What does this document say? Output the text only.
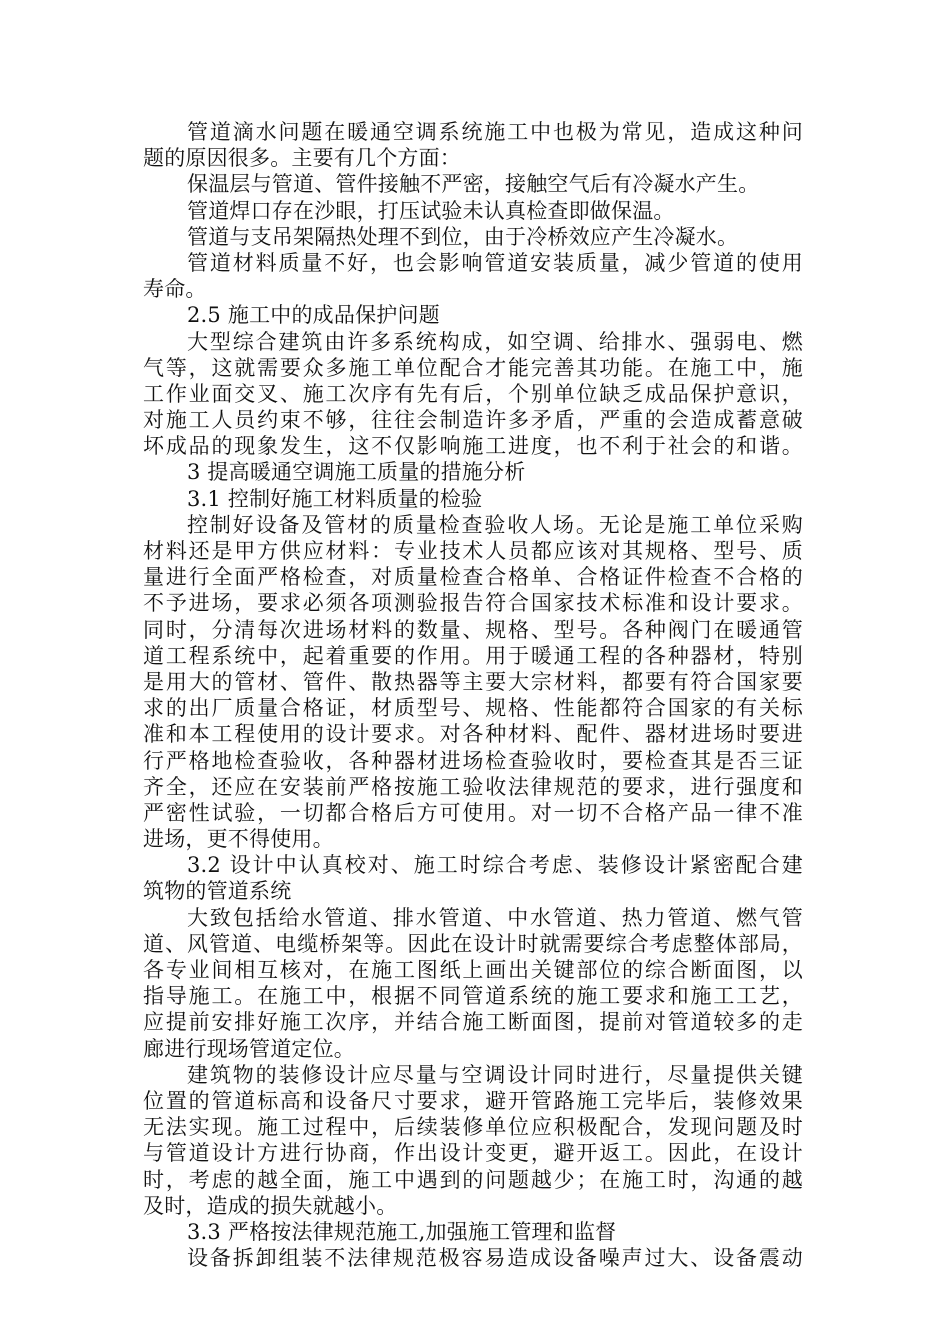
管道滴水问题在暖通空调系统施工中也极为常见，造成这种问
题的原因很多。主要有几个方面：
保温层与管道、管件接触不严密，接触空气后有冷凝水产生。
管道焊口存在沙眼，打压试验未认真检查即做保温。
管道与支吊架隔热处理不到位，由于冷桥效应产生冷凝水。
管道材料质量不好，也会影响管道安装质量，减少管道的使用
寿命。
2.5 施工中的成品保护问题
大型综合建筑由许多系统构成，如空调、给排水、强弱电、燃
气等，这就需要众多施工单位配合才能完善其功能。在施工中，施
工作业面交叉、施工次序有先有后，个别单位缺乏成品保护意识，
对施工人员约束不够，往往会制造许多矛盾，严重的会造成蓄意破
坏成品的现象发生，这不仅影响施工进度，也不利于社会的和谐。
3 提高暖通空调施工质量的措施分析
3.1 控制好施工材料质量的检验
控制好设备及管材的质量检查验收人场。无论是施工单位采购
材料还是甲方供应材料：专业技术人员都应该对其规格、型号、质
量进行全面严格检查，对质量检查合格单、合格证件检查不合格的
不予进场，要求必须各项测验报告符合国家技术标准和设计要求。
同时，分清每次进场材料的数量、规格、型号。各种阀门在暖通管
道工程系统中，起着重要的作用。用于暖通工程的各种器材，特别
是用大的管材、管件、散热器等主要大宗材料，都要有符合国家要
求的出厂质量合格证，材质型号、规格、性能都符合国家的有关标
准和本工程使用的设计要求。对各种材料、配件、器材进场时要进
行严格地检查验收，各种器材进场检查验收时，要检查其是否三证
齐全，还应在安装前严格按施工验收法律规范的要求，进行强度和
严密性试验，一切都合格后方可使用。对一切不合格产品一律不准
进场，更不得使用。
3.2 设计中认真校对、施工时综合考虑、装修设计紧密配合建
筑物的管道系统
大致包括给水管道、排水管道、中水管道、热力管道、燃气管
道、风管道、电缆桥架等。因此在设计时就需要综合考虑整体部局，
各专业间相互核对，在施工图纸上画出关键部位的综合断面图，以
指导施工。在施工中，根据不同管道系统的施工要求和施工工艺，
应提前安排好施工次序，并结合施工断面图，提前对管道较多的走
廊进行现场管道定位。
建筑物的装修设计应尽量与空调设计同时进行，尽量提供关键
位置的管道标高和设备尺寸要求，避开管路施工完毕后，装修效果
无法实现。施工过程中，后续装修单位应积极配合，发现问题及时
与管道设计方进行协商，作出设计变更，避开返工。因此，在设计
时，考虑的越全面，施工中遇到的问题越少；在施工时，沟通的越
及时，造成的损失就越小。
3.3 严格按法律规范施工,加强施工管理和监督
设备拆卸组装不法律规范极容易造成设备噪声过大、设备震动
